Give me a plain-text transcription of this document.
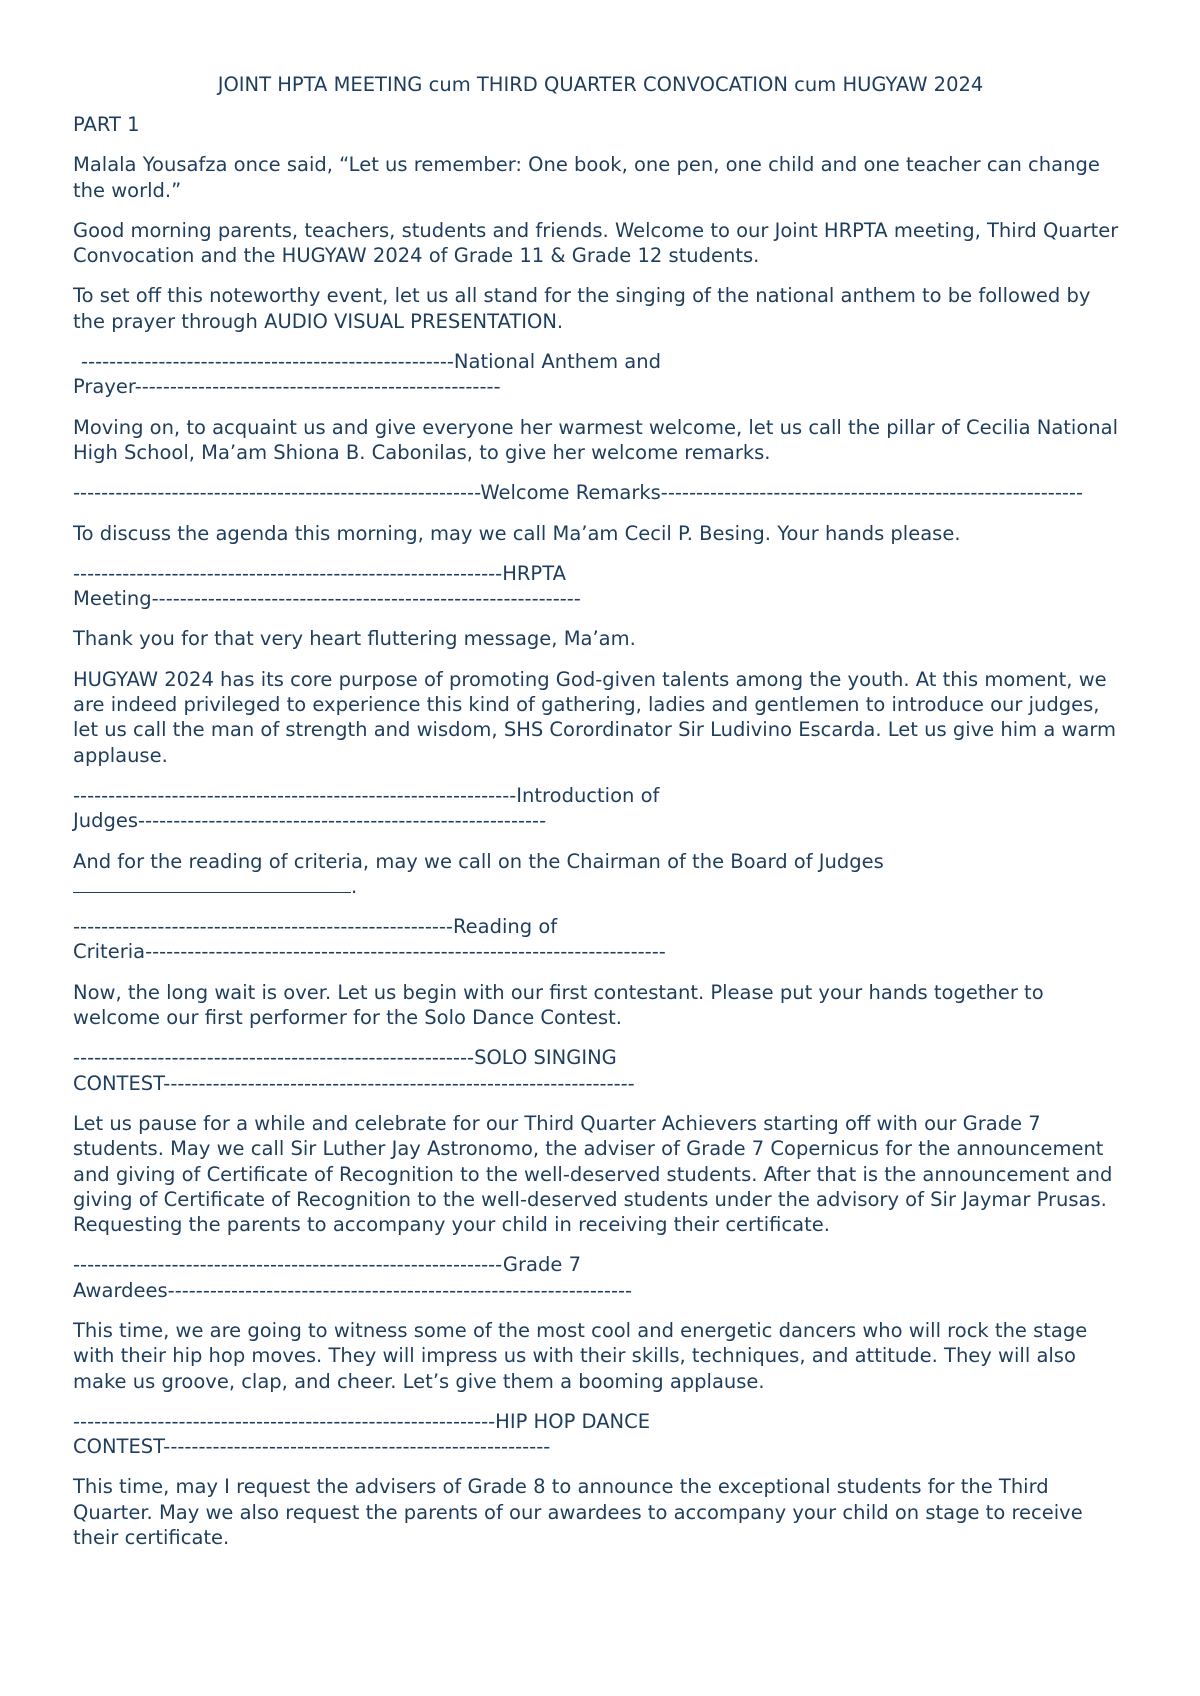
JOINT HPTA MEETING cum THIRD QUARTER CONVOCATION cum HUGYAW 2024
PART 1
Malala Yousafza once said, “Let us remember: One book, one pen, one child and one teacher can change the world.”
Good morning parents, teachers, students and friends. Welcome to our Joint HRPTA meeting, Third Quarter Convocation and the HUGYAW 2024 of Grade 11 & Grade 12 students.
To set off this noteworthy event, let us all stand for the singing of the national anthem to be followed by the prayer through AUDIO VISUAL PRESENTATION.
-----------------------------------------------------National Anthem and
Prayer----------------------------------------------------
Moving on, to acquaint us and give everyone her warmest welcome, let us call the pillar of Cecilia National High School, Ma’am Shiona B. Cabonilas, to give her welcome remarks.
----------------------------------------------------------Welcome Remarks------------------------------------------------------------
To discuss the agenda this morning, may we call Ma’am Cecil P. Besing. Your hands please.
-------------------------------------------------------------HRPTA
Meeting-------------------------------------------------------------
Thank you for that very heart fluttering message, Ma’am.
HUGYAW 2024 has its core purpose of promoting God-given talents among the youth. At this moment, we are indeed privileged to experience this kind of gathering, ladies and gentlemen to introduce our judges, let us call the man of strength and wisdom, SHS Corordinator Sir Ludivino Escarda. Let us give him a warm applause.
---------------------------------------------------------------Introduction of
Judges----------------------------------------------------------
And for the reading of criteria, may we call on the Chairman of the Board of Judges
.
------------------------------------------------------Reading of
Criteria--------------------------------------------------------------------------
Now, the long wait is over. Let us begin with our first contestant. Please put your hands together to welcome our first performer for the Solo Dance Contest.
---------------------------------------------------------SOLO SINGING
CONTEST-------------------------------------------------------------------
Let us pause for a while and celebrate for our Third Quarter Achievers starting off with our Grade 7 students. May we call Sir Luther Jay Astronomo, the adviser of Grade 7 Copernicus for the announcement and giving of Certificate of Recognition to the well-deserved students. After that is the announcement and giving of Certificate of Recognition to the well-deserved students under the advisory of Sir Jaymar Prusas. Requesting the parents to accompany your child in receiving their certificate.
-------------------------------------------------------------Grade 7
Awardees------------------------------------------------------------------
This time, we are going to witness some of the most cool and energetic dancers who will rock the stage with their hip hop moves. They will impress us with their skills, techniques, and attitude. They will also make us groove, clap, and cheer. Let’s give them a booming applause.
------------------------------------------------------------HIP HOP DANCE
CONTEST-------------------------------------------------------
This time, may I request the advisers of Grade 8 to announce the exceptional students for the Third Quarter. May we also request the parents of our awardees to accompany your child on stage to receive their certificate.
